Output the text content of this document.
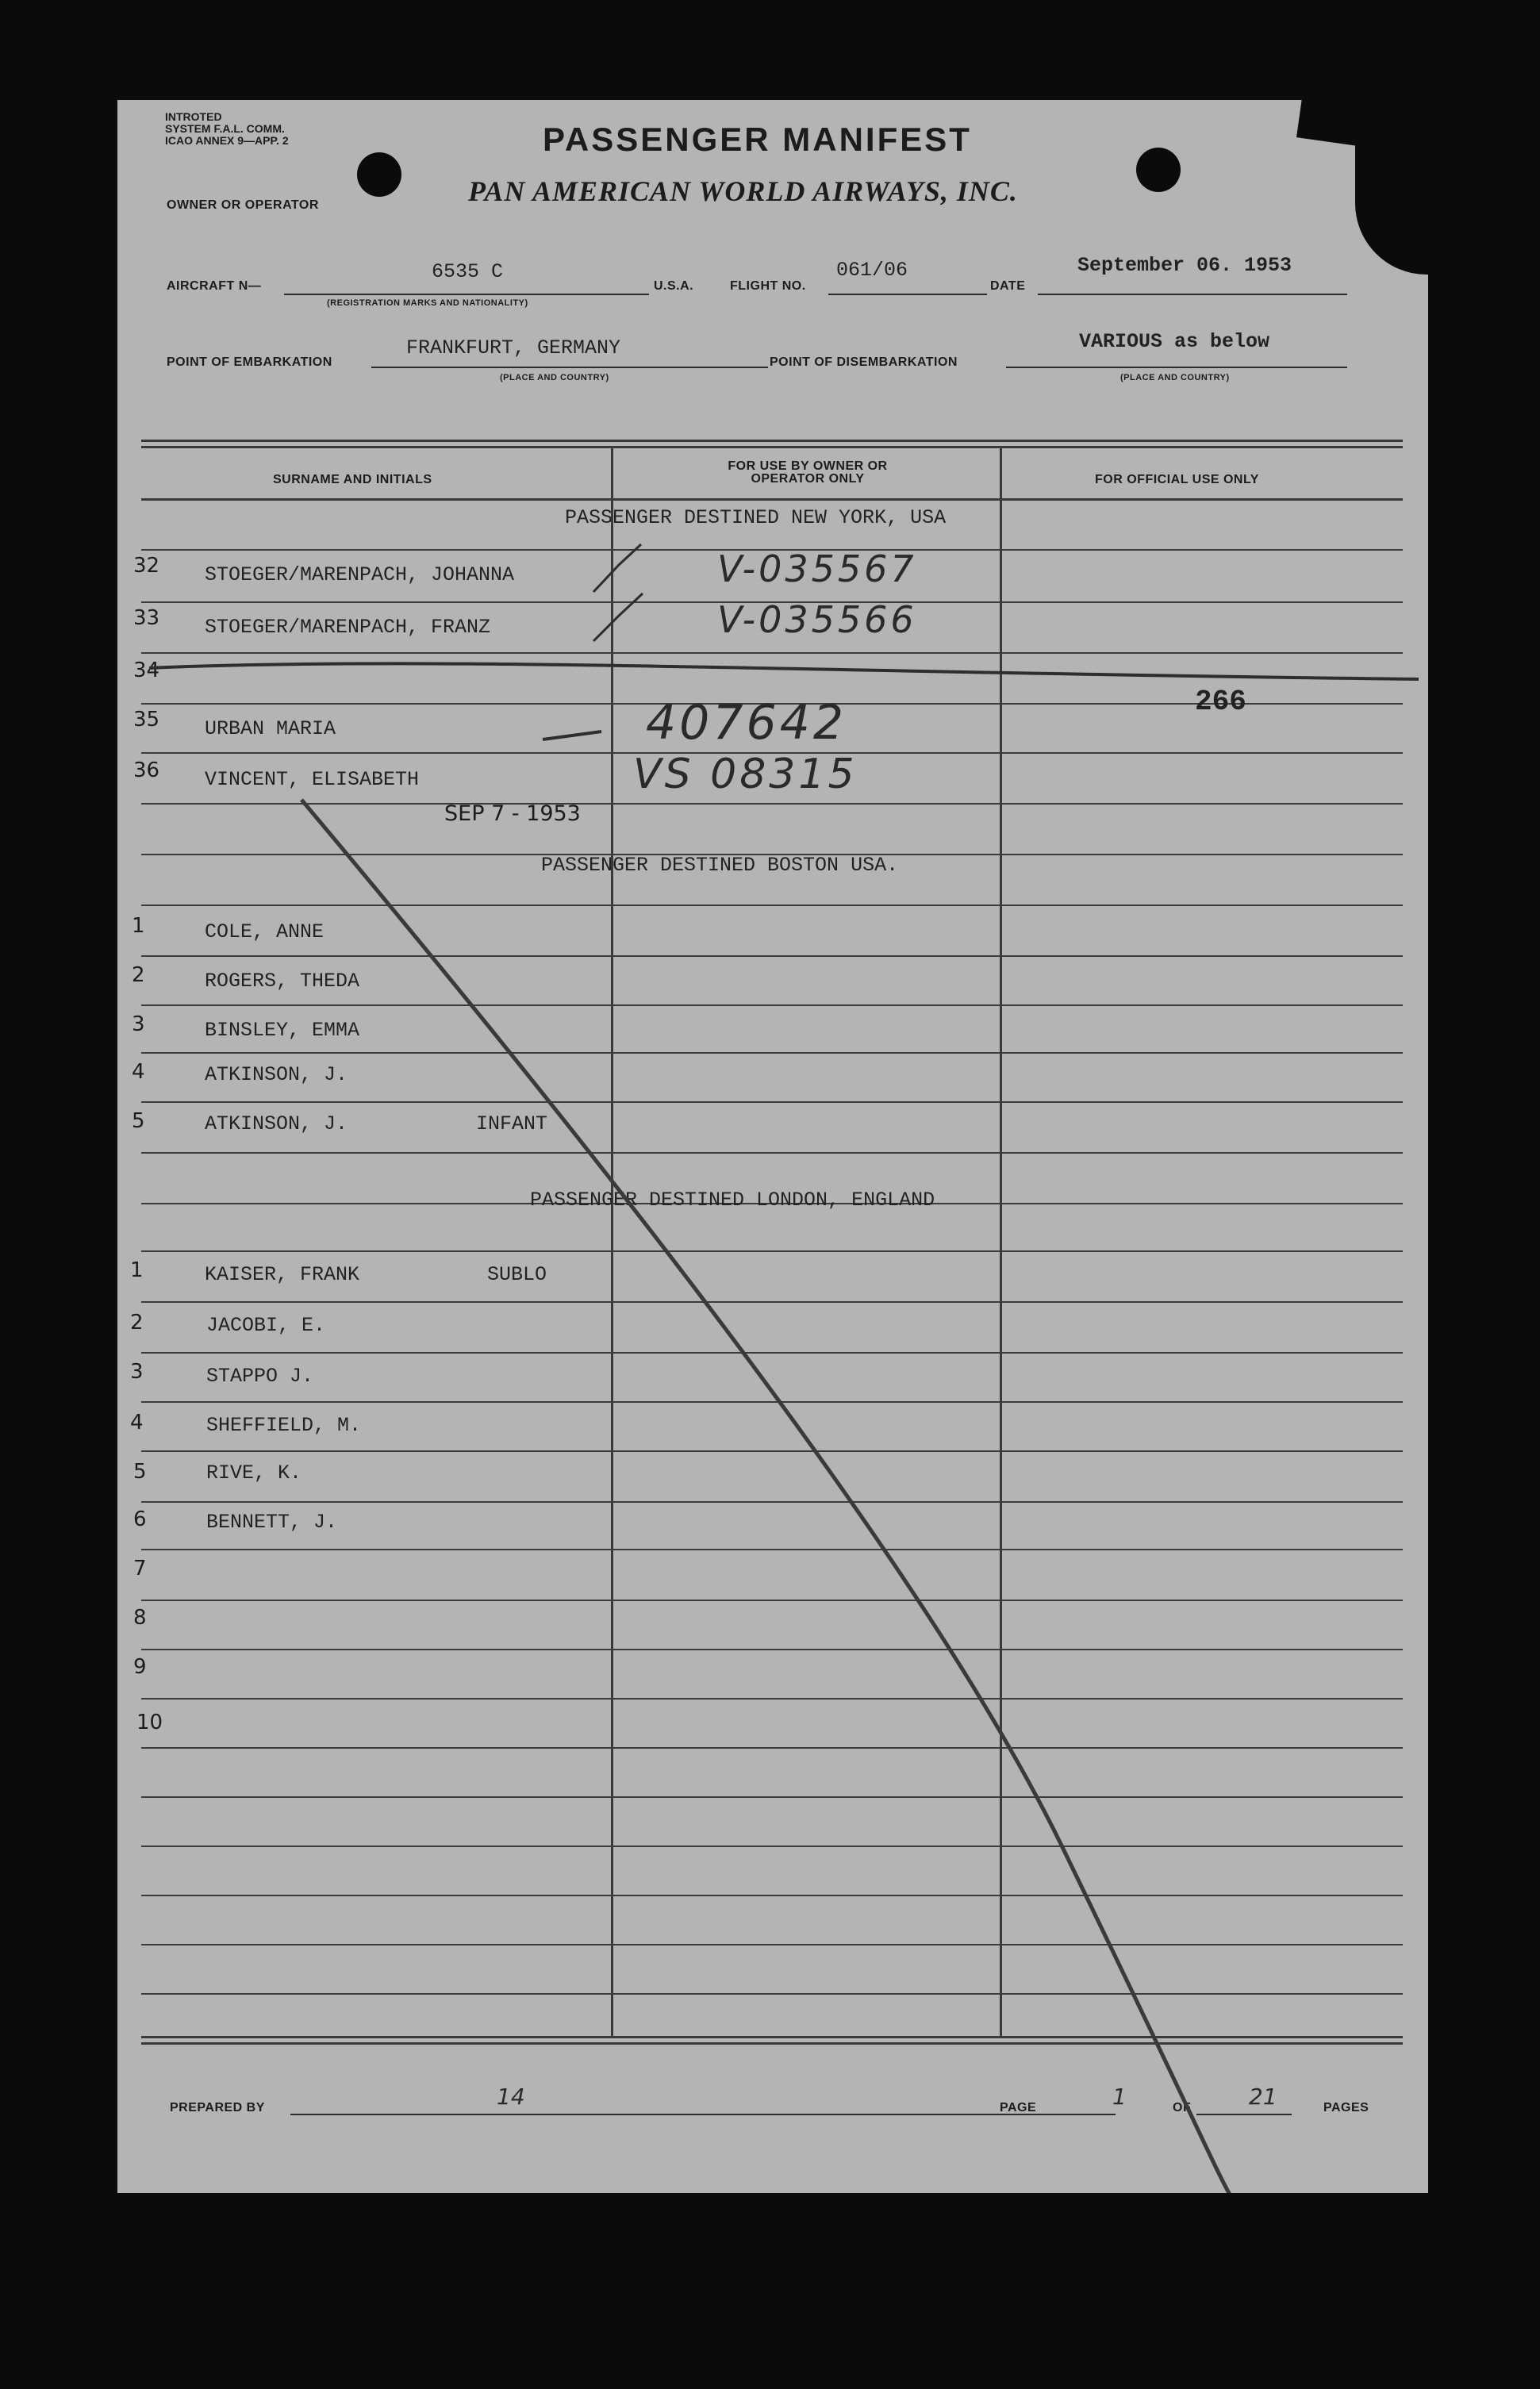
INTROTED
SYSTEM F.A.L. COMM.
ICAO ANNEX 9—APP. 2
OWNER OR OPERATOR
PASSENGER MANIFEST
PAN AMERICAN WORLD AIRWAYS, INC.
AIRCRAFT N—
6535 C
(REGISTRATION MARKS AND NATIONALITY)
U.S.A.	FLIGHT NO.
061/06
DATE
September 06. 1953
POINT OF EMBARKATION
FRANKFURT, GERMANY
(PLACE AND COUNTRY)
POINT OF DISEMBARKATION
VARIOUS as below
(PLACE AND COUNTRY)
SURNAME AND INITIALS
FOR USE BY OWNER OR OPERATOR ONLY	FOR OFFICIAL USE ONLY
PASSENGER DESTINED NEW YORK, USA
32 STOEGER/MARENPACH, JOHANNA	V-035567
33 STOEGER/MARENPACH, FRANZ	V-035566
34
35 URBAN MARIA	407642
36 VINCENT, ELISABETH	VS 08315
266
SEP 7 - 1953
PASSENGER DESTINED BOSTON USA.
1	COLE, ANNE
2	ROGERS, THEDA
3	BINSLEY, EMMA
4	ATKINSON, J.
5	ATKINSON, J.	INFANT
PASSENGER DESTINED LONDON, ENGLAND
1	KAISER, FRANK	SUBLO
2	JACOBI, E.
3	STAPPO J.
4	SHEFFIELD, M.
5	RIVE, K.
6	BENNETT, J.
7
8
9
10
PREPARED BY	14	PAGE	1	OF	21	PAGES
